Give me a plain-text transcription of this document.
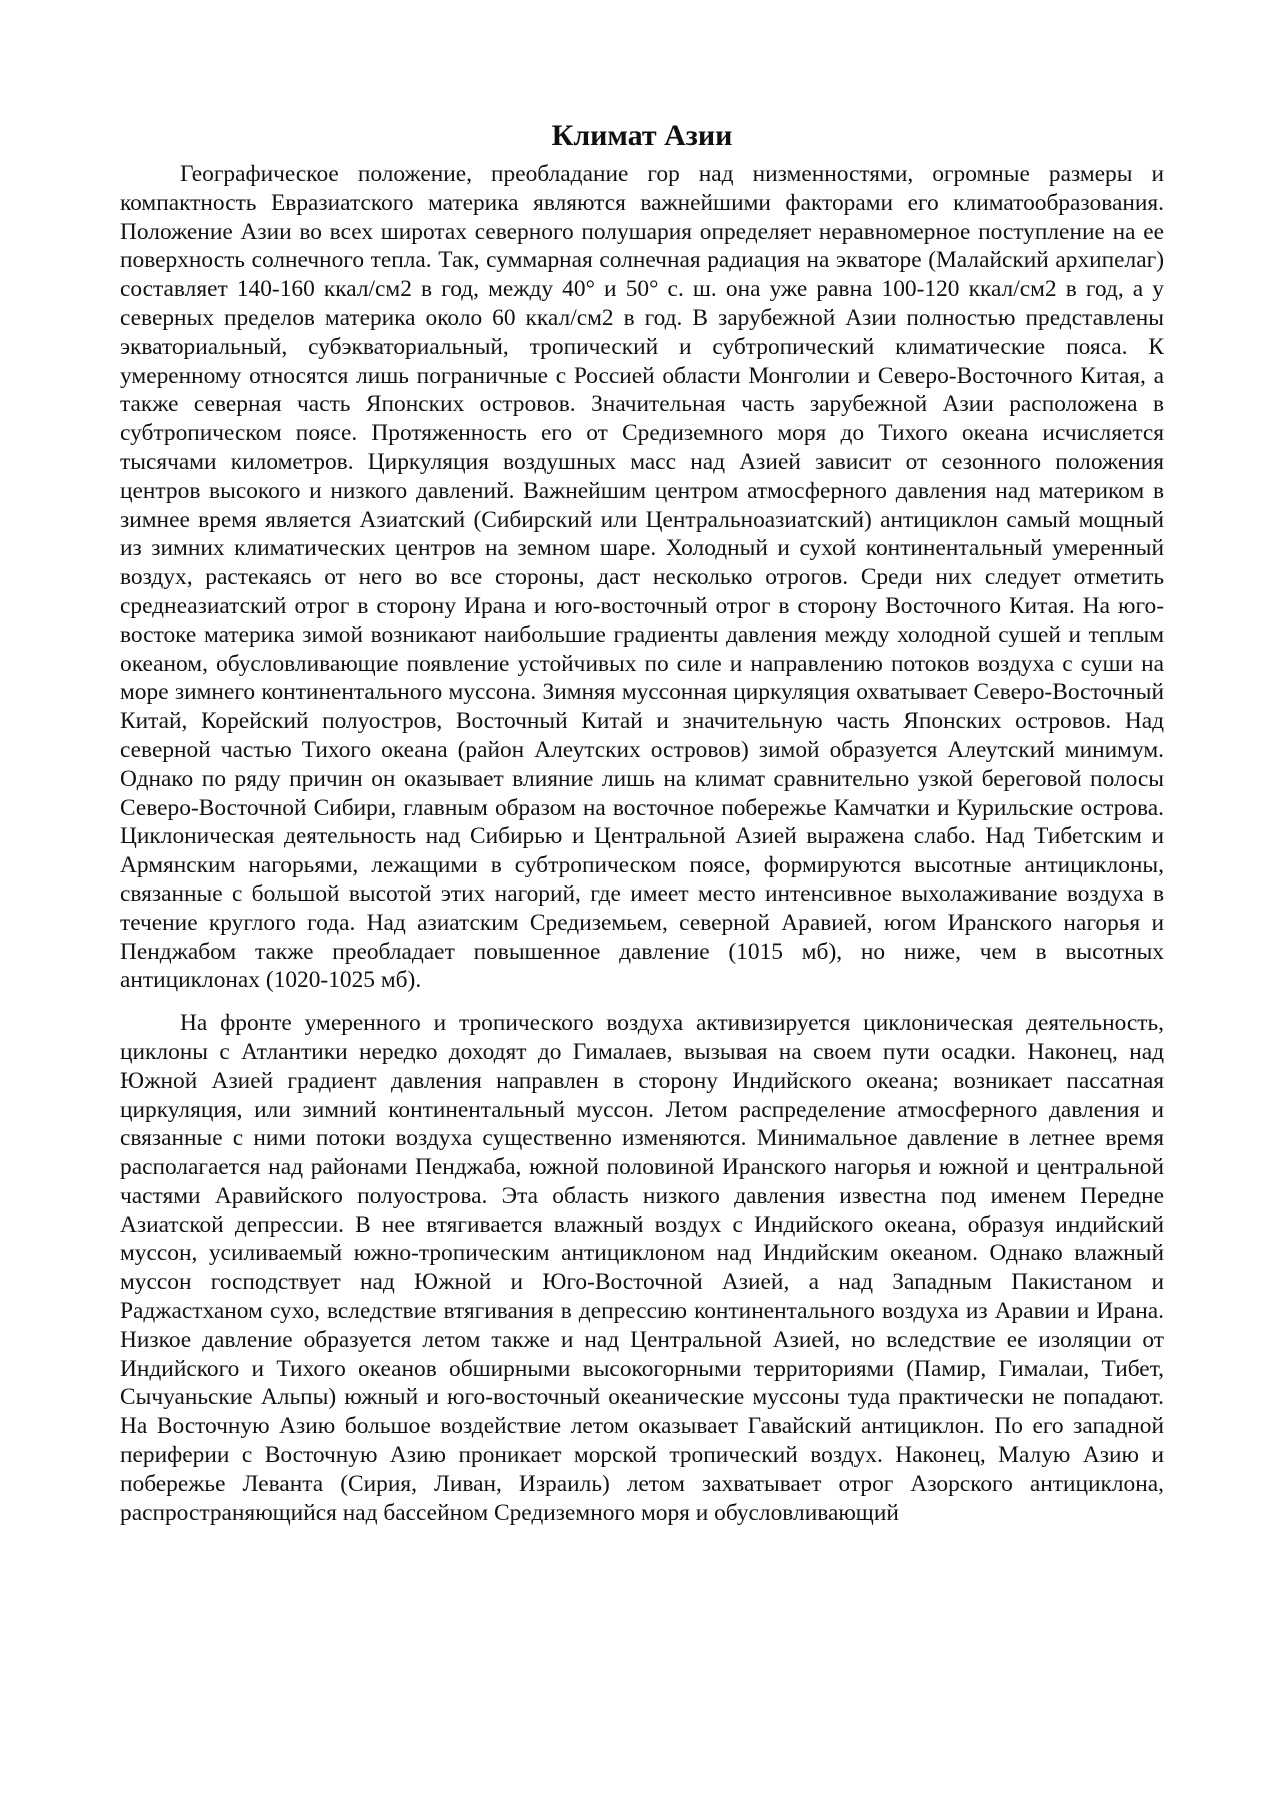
Климат Азии

Географическое положение, преобладание гор над низменностями, огромные размеры и компактность Евразиатского материка являются важнейшими факторами его климатообразования. Положение Азии во всех широтах северного полушария определяет неравномерное поступление на ее поверхность солнечного тепла. Так, суммарная солнечная радиация на экваторе (Малайский архипелаг) составляет 140-160 ккал/см2 в год, между 40° и 50° с. ш. она уже равна 100-120 ккал/см2 в год, а у северных пределов материка около 60 ккал/см2 в год. В зарубежной Азии полностью представлены экваториальный, субэкваториальный, тропический и субтропический климатические пояса. К умеренному относятся лишь пограничные с Россией области Монголии и Северо-Восточного Китая, а также северная часть Японских островов. Значительная часть зарубежной Азии расположена в субтропическом поясе. Протяженность его от Средиземного моря до Тихого океана исчисляется тысячами километров. Циркуляция воздушных масс над Азией зависит от сезонного положения центров высокого и низкого давлений. Важнейшим центром атмосферного давления над материком в зимнее время является Азиатский (Сибирский или Центральноазиатский) антициклон самый мощный из зимних климатических центров на земном шаре. Холодный и сухой континентальный умеренный воздух, растекаясь от него во все стороны, даст несколько отрогов. Среди них следует отметить среднеазиатский отрог в сторону Ирана и юго-восточный отрог в сторону Восточного Китая. На юго-востоке материка зимой возникают наибольшие градиенты давления между холодной сушей и теплым океаном, обусловливающие появление устойчивых по силе и направлению потоков воздуха с суши на море зимнего континентального муссона. Зимняя муссонная циркуляция охватывает Северо-Восточный Китай, Корейский полуостров, Восточный Китай и значительную часть Японских островов. Над северной частью Тихого океана (район Алеутских островов) зимой образуется Алеутский минимум. Однако по ряду причин он оказывает влияние лишь на климат сравнительно узкой береговой полосы Северо-Восточной Сибири, главным образом на восточное побережье Камчатки и Курильские острова. Циклоническая деятельность над Сибирью и Центральной Азией выражена слабо. Над Тибетским и Армянским нагорьями, лежащими в субтропическом поясе, формируются высотные антициклоны, связанные с большой высотой этих нагорий, где имеет место интенсивное выхолаживание воздуха в течение круглого года. Над азиатским Средиземьем, северной Аравией, югом Иранского нагорья и Пенджабом также преобладает повышенное давление (1015 мб), но ниже, чем в высотных антициклонах (1020-1025 мб).

На фронте умеренного и тропического воздуха активизируется циклоническая деятельность, циклоны с Атлантики нередко доходят до Гималаев, вызывая на своем пути осадки. Наконец, над Южной Азией градиент давления направлен в сторону Индийского океана; возникает пассатная циркуляция, или зимний континентальный муссон. Летом распределение атмосферного давления и связанные с ними потоки воздуха существенно изменяются. Минимальное давление в летнее время располагается над районами Пенджаба, южной половиной Иранского нагорья и южной и центральной частями Аравийского полуострова. Эта область низкого давления известна под именем Передне Азиатской депрессии. В нее втягивается влажный воздух с Индийского океана, образуя индийский муссон, усиливаемый южно-тропическим антициклоном над Индийским океаном. Однако влажный муссон господствует над Южной и Юго-Восточной Азией, а над Западным Пакистаном и Раджастханом сухо, вследствие втягивания в депрессию континентального воздуха из Аравии и Ирана. Низкое давление образуется летом также и над Центральной Азией, но вследствие ее изоляции от Индийского и Тихого океанов обширными высокогорными территориями (Памир, Гималаи, Тибет, Сычуаньские Альпы) южный и юго-восточный океанические муссоны туда практически не попадают. На Восточную Азию большое воздействие летом оказывает Гавайский антициклон. По его западной периферии с Восточную Азию проникает морской тропический воздух. Наконец, Малую Азию и побережье Леванта (Сирия, Ливан, Израиль) летом захватывает отрог Азорского антициклона, распространяющийся над бассейном Средиземного моря и обусловливающий
